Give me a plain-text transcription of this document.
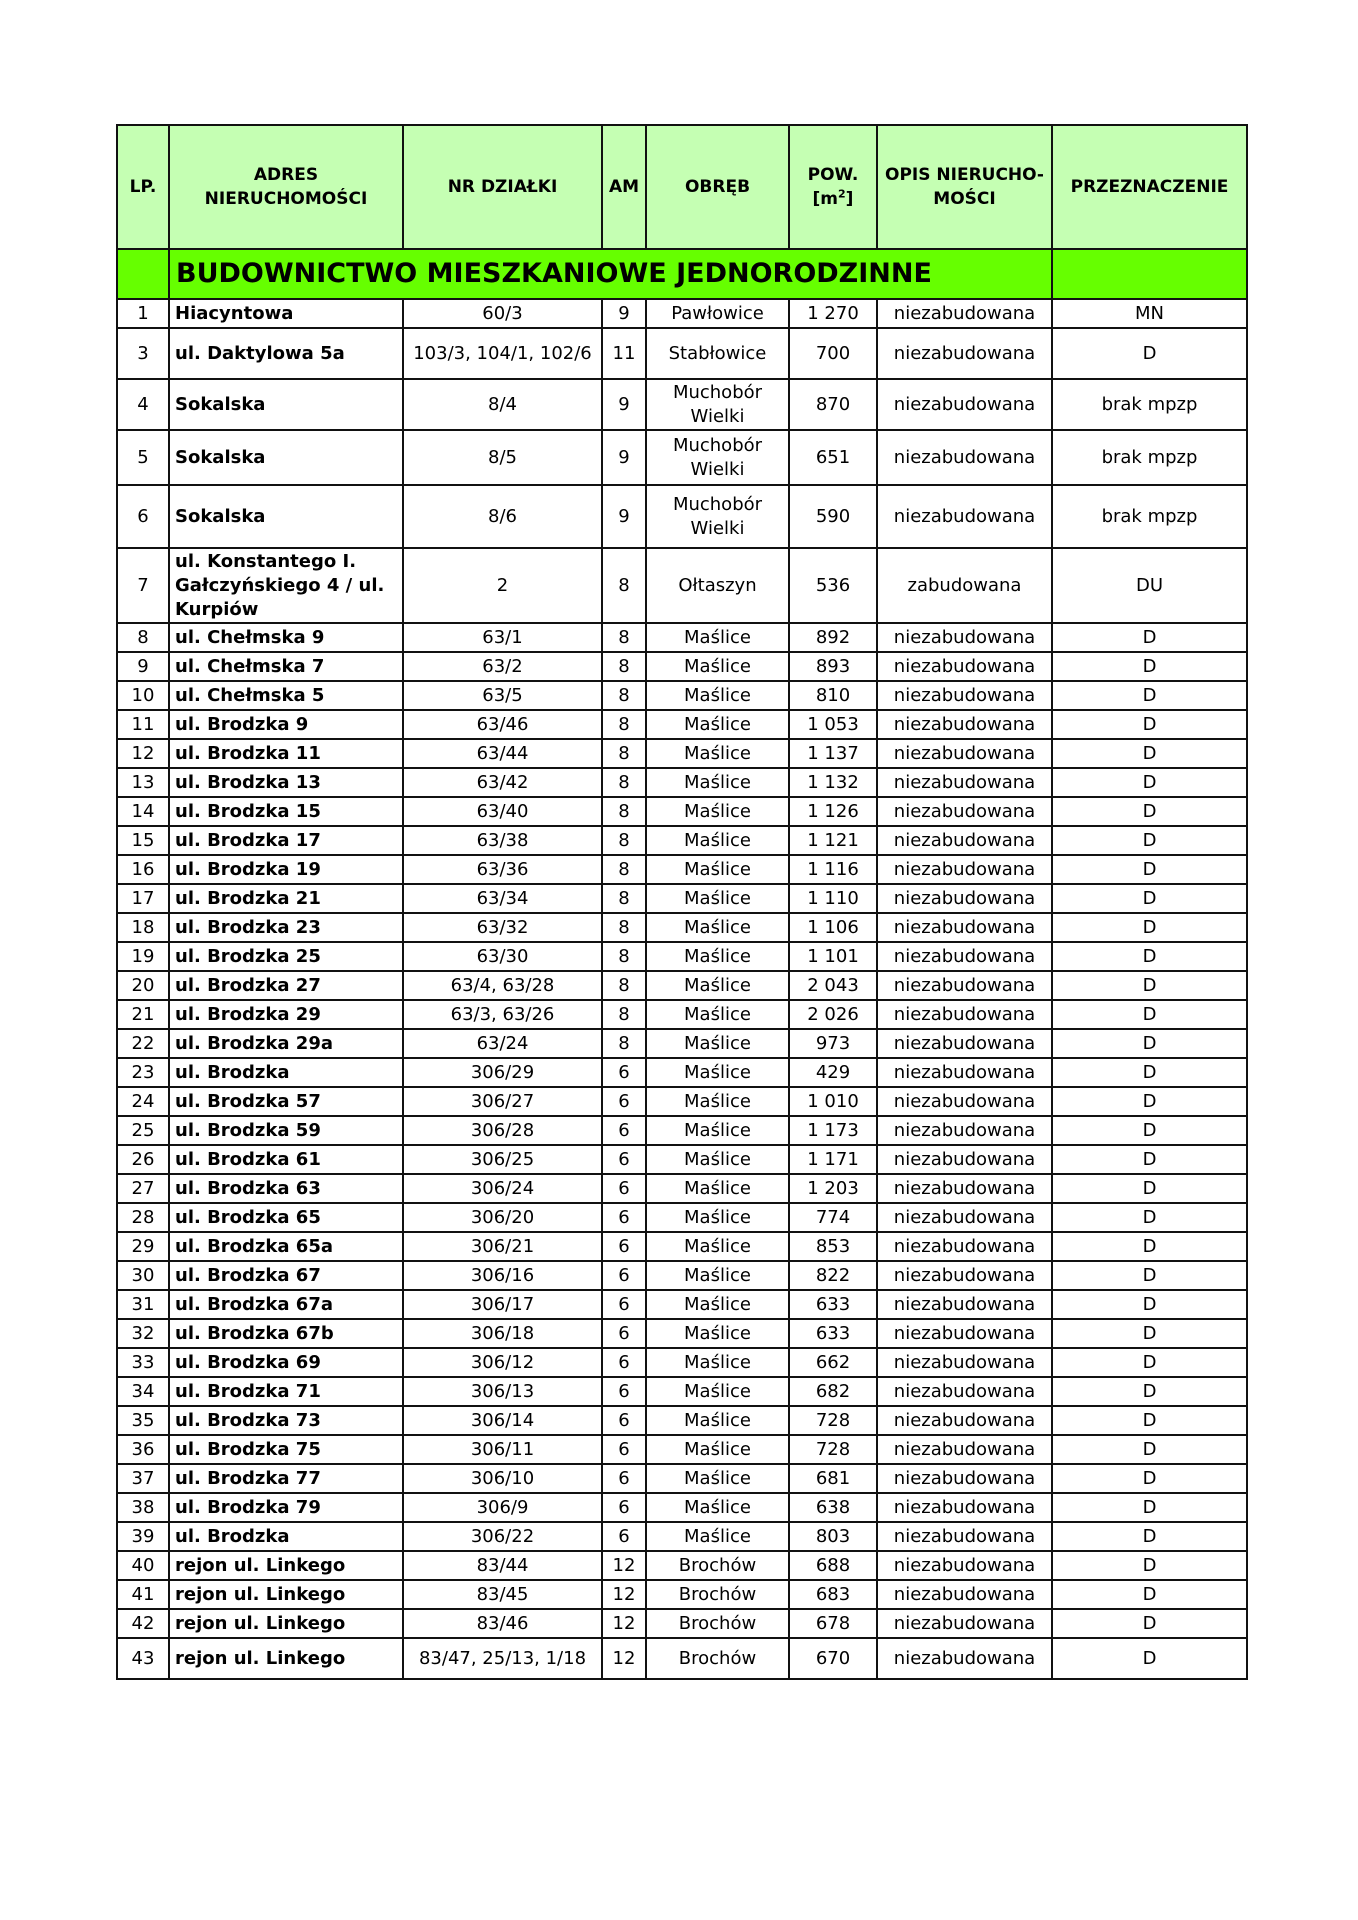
LP.	ADRES NIERUCHOMOŚCI	NR DZIAŁKI	AM	OBRĘB	POW. $[m^2]$	OPIS NIERUCHO-MOŚCI	PRZEZNACZENIE
	BUDOWNICTWO MIESZKANIOWE JEDNORODZINNE						
1	Hiacyntowa	60/3	9	Pawłowice	1 270	niezabudowana	MN
3	ul. Daktylowa 5a	103/3, 104/1, 102/6	11	Stabłowice	700	niezabudowana	D
4	Sokalska	8/4	9	Muchobór Wielki	870	niezabudowana	brak mpzp
5	Sokalska	8/5	9	Muchobór Wielki	651	niezabudowana	brak mpzp
6	Sokalska	8/6	9	Muchobór Wielki	590	niezabudowana	brak mpzp
7	ul. Konstantego I. Gałczyńskiego 4 / ul. Kurpiów	2	8	Ołtaszyn	536	zabudowana	DU
8	ul. Chełmska 9	63/1	8	Maślice	892	niezabudowana	D
9	ul. Chełmska 7	63/2	8	Maślice	893	niezabudowana	D
10	ul. Chełmska 5	63/5	8	Maślice	810	niezabudowana	D
11	ul. Brodzka 9	63/46	8	Maślice	1 053	niezabudowana	D
12	ul. Brodzka 11	63/44	8	Maślice	1 137	niezabudowana	D
13	ul. Brodzka 13	63/42	8	Maślice	1 132	niezabudowana	D
14	ul. Brodzka 15	63/40	8	Maślice	1 126	niezabudowana	D
15	ul. Brodzka 17	63/38	8	Maślice	1 121	niezabudowana	D
16	ul. Brodzka 19	63/36	8	Maślice	1 116	niezabudowana	D
17	ul. Brodzka 21	63/34	8	Maślice	1 110	niezabudowana	D
18	ul. Brodzka 23	63/32	8	Maślice	1 106	niezabudowana	D
19	ul. Brodzka 25	63/30	8	Maślice	1 101	niezabudowana	D
20	ul. Brodzka 27	63/4, 63/28	8	Maślice	2 043	niezabudowana	D
21	ul. Brodzka 29	63/3, 63/26	8	Maślice	2 026	niezabudowana	D
22	ul. Brodzka 29a	63/24	8	Maślice	973	niezabudowana	D
23	ul. Brodzka	306/29	6	Maślice	429	niezabudowana	D
24	ul. Brodzka 57	306/27	6	Maślice	1 010	niezabudowana	D
25	ul. Brodzka 59	306/28	6	Maślice	1 173	niezabudowana	D
26	ul. Brodzka 61	306/25	6	Maślice	1 171	niezabudowana	D
27	ul. Brodzka 63	306/24	6	Maślice	1 203	niezabudowana	D
28	ul. Brodzka 65	306/20	6	Maślice	774	niezabudowana	D
29	ul. Brodzka 65a	306/21	6	Maślice	853	niezabudowana	D
30	ul. Brodzka 67	306/16	6	Maślice	822	niezabudowana	D
31	ul. Brodzka 67a	306/17	6	Maślice	633	niezabudowana	D
32	ul. Brodzka 67b	306/18	6	Maślice	633	niezabudowana	D
33	ul. Brodzka 69	306/12	6	Maślice	662	niezabudowana	D
34	ul. Brodzka 71	306/13	6	Maślice	682	niezabudowana	D
35	ul. Brodzka 73	306/14	6	Maślice	728	niezabudowana	D
36	ul. Brodzka 75	306/11	6	Maślice	728	niezabudowana	D
37	ul. Brodzka 77	306/10	6	Maślice	681	niezabudowana	D
38	ul. Brodzka 79	306/9	6	Maślice	638	niezabudowana	D
39	ul. Brodzka	306/22	6	Maślice	803	niezabudowana	D
40	rejon ul. Linkego	83/44	12	Brochów	688	niezabudowana	D
41	rejon ul. Linkego	83/45	12	Brochów	683	niezabudowana	D
42	rejon ul. Linkego	83/46	12	Brochów	678	niezabudowana	D
43	rejon ul. Linkego	83/47, 25/13, 1/18	12	Brochów	670	niezabudowana	D
